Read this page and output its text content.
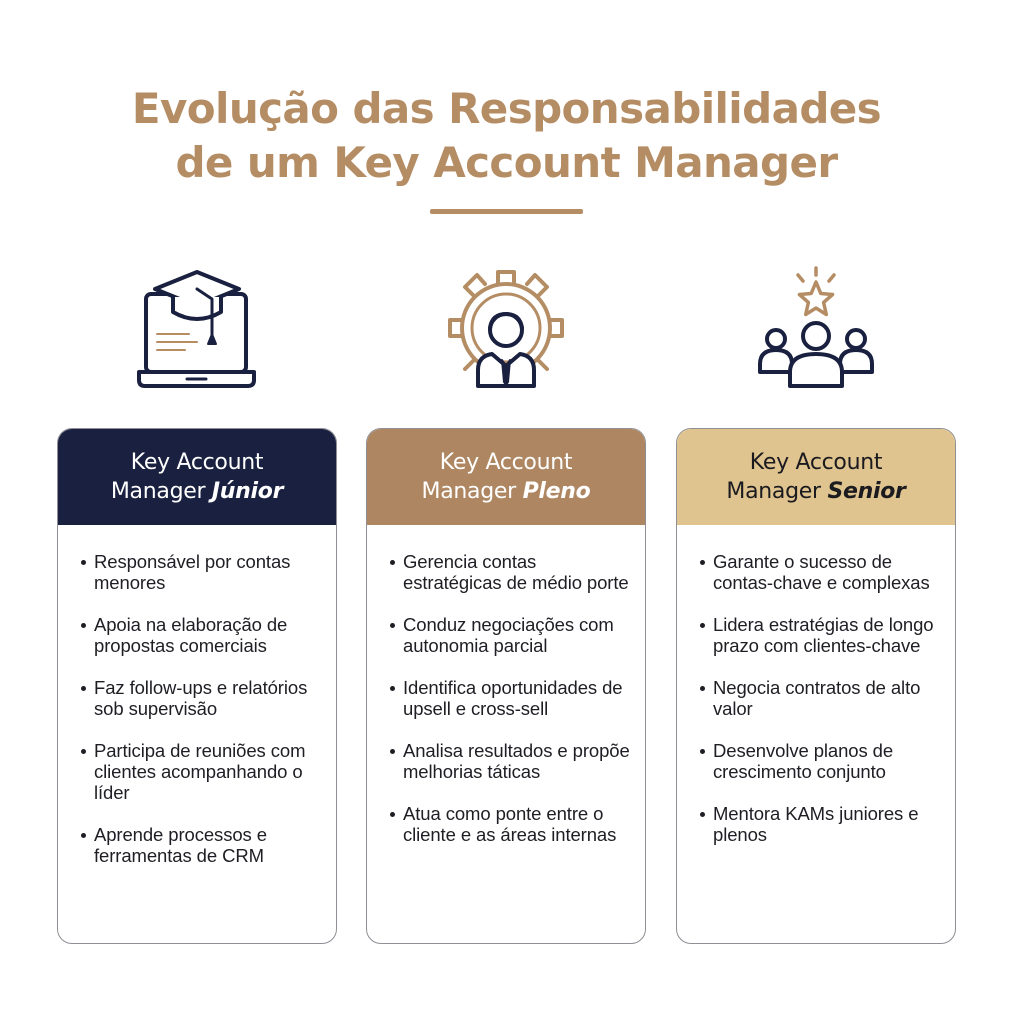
Evolução das Responsabilidades
de um Key Account Manager
Key Account
Manager Júnior
Responsável por contas menores
Apoia na elaboração de propostas comerciais
Faz follow-ups e relatórios sob supervisão
Participa de reuniões com clientes acompanhando o líder
Aprende processos e ferramentas de CRM
Key Account
Manager Pleno
Gerencia contas estratégicas de médio porte
Conduz negociações com autonomia parcial
Identifica oportunidades de upsell e cross-sell
Analisa resultados e propõe melhorias táticas
Atua como ponte entre o cliente e as áreas internas
Key Account
Manager Senior
Garante o sucesso de contas-chave e complexas
Lidera estratégias de longo prazo com clientes-chave
Negocia contratos de alto valor
Desenvolve planos de crescimento conjunto
Mentora KAMs juniores e plenos
